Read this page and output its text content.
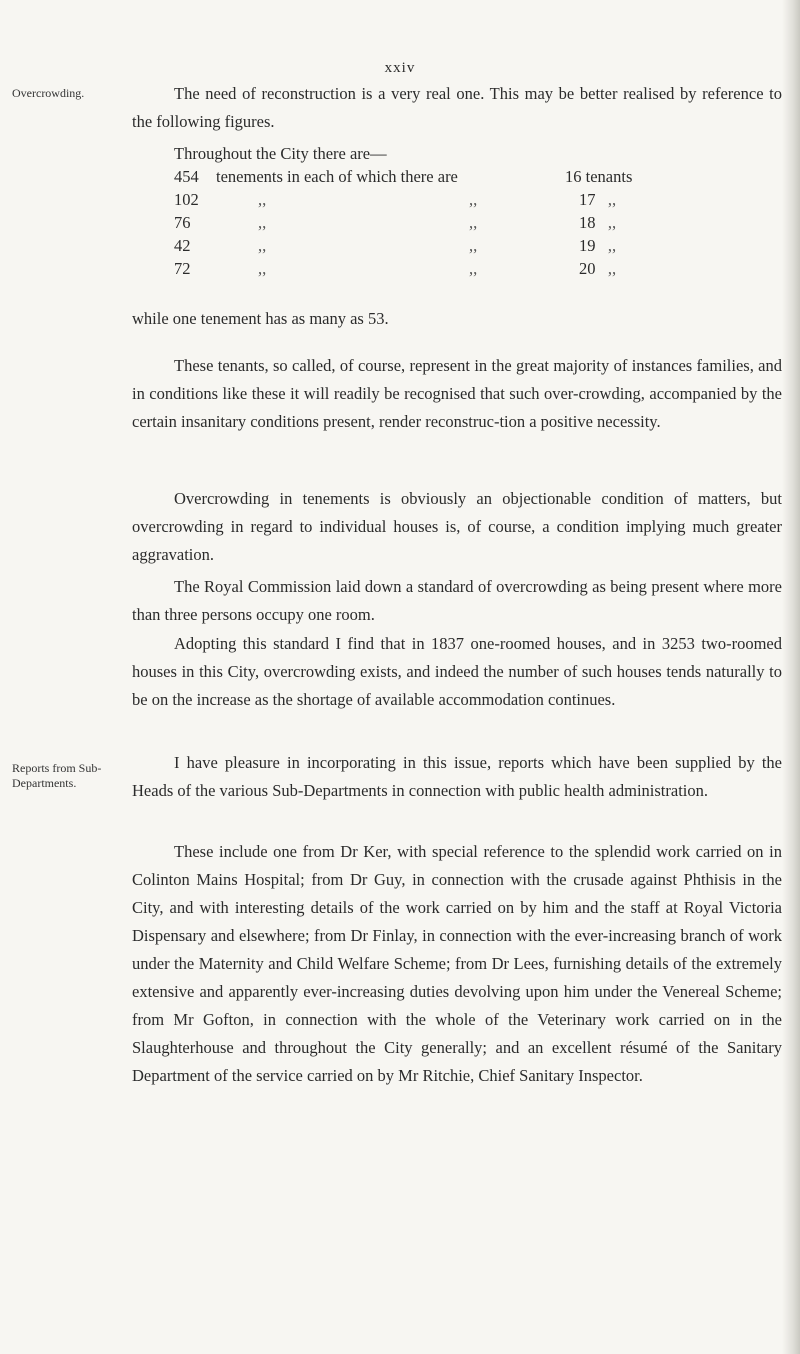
xxiv
Overcrowding.
Reports from Sub-Departments.

The need of reconstruction is a very real one. This may be better realised by reference to the following figures.

Throughout the City there are—

454	tenements in each of which there are		16 tenants
102	,,	,,	17 ,,
76	,,	,,	18 ,,
42	,,	,,	19 ,,
72	,,	,,	20 ,,

while one tenement has as many as 53.

These tenants, so called, of course, represent in the great majority of instances families, and in conditions like these it will readily be recognised that such over-crowding, accompanied by the certain insanitary conditions present, render reconstruc-tion a positive necessity.

Overcrowding in tenements is obviously an objectionable condition of matters, but overcrowding in regard to individual houses is, of course, a condition implying much greater aggravation.

The Royal Commission laid down a standard of overcrowding as being present where more than three persons occupy one room.

Adopting this standard I find that in 1837 one-roomed houses, and in 3253 two-roomed houses in this City, overcrowding exists, and indeed the number of such houses tends naturally to be on the increase as the shortage of available accommodation continues.

I have pleasure in incorporating in this issue, reports which have been supplied by the Heads of the various Sub-Departments in connection with public health administration.

These include one from Dr Ker, with special reference to the splendid work carried on in Colinton Mains Hospital; from Dr Guy, in connection with the crusade against Phthisis in the City, and with interesting details of the work carried on by him and the staff at Royal Victoria Dispensary and elsewhere; from Dr Finlay, in connection with the ever-increasing branch of work under the Maternity and Child Welfare Scheme; from Dr Lees, furnishing details of the extremely extensive and apparently ever-increasing duties devolving upon him under the Venereal Scheme; from Mr Gofton, in connection with the whole of the Veterinary work carried on in the Slaughterhouse and throughout the City generally; and an excellent résumé of the Sanitary Department of the service carried on by Mr Ritchie, Chief Sanitary Inspector.
